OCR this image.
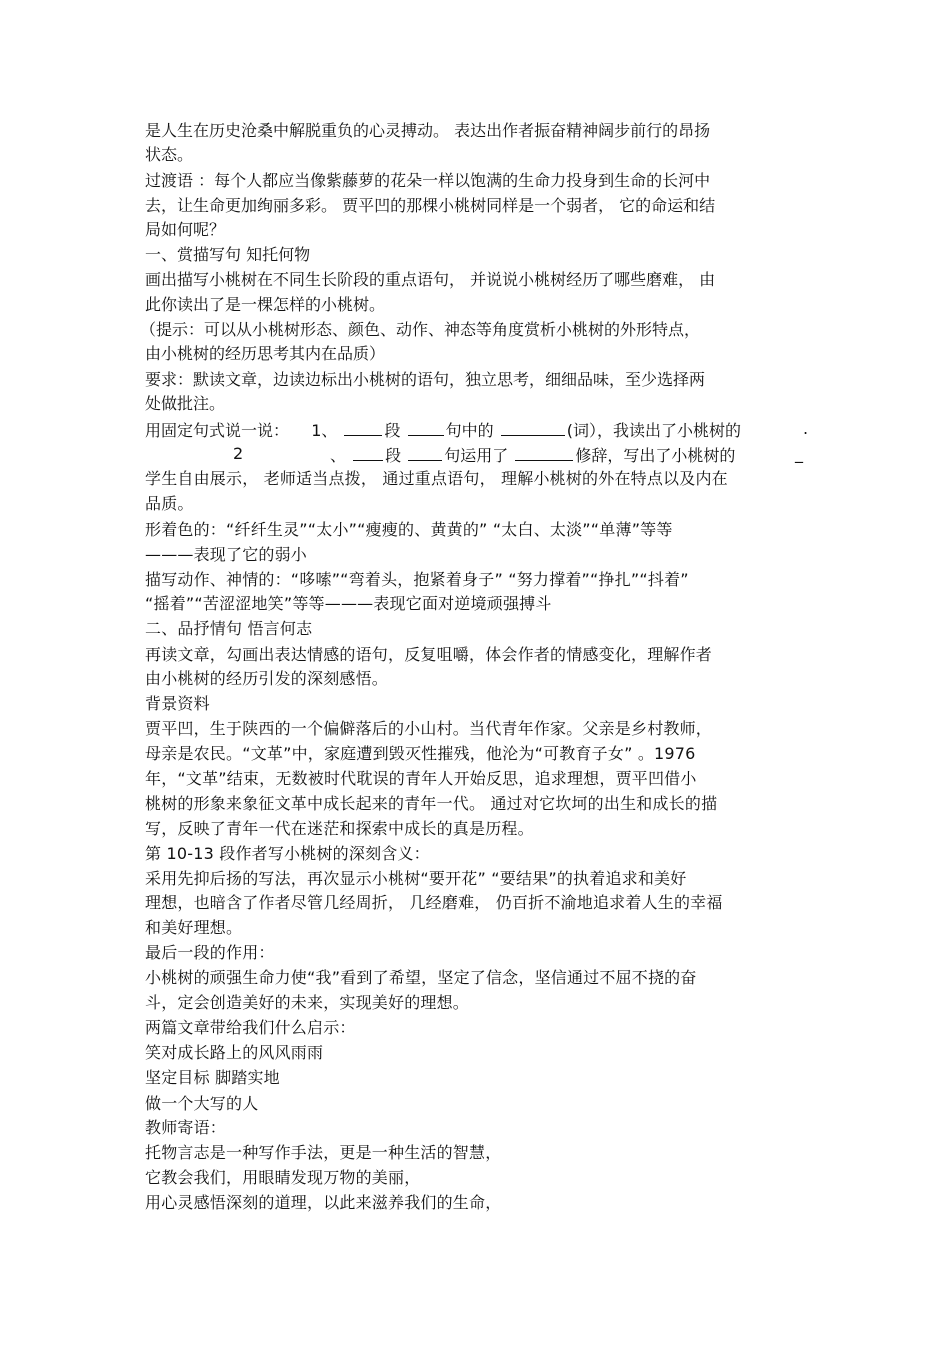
是人生在历史沧桑中解脱重负的心灵搏动。 表达出作者振奋精神阔步前行的昂扬
状态。
过渡语 ：每个人都应当像紫藤萝的花朵一样以饱满的生命力投身到生命的长河中
去，让生命更加绚丽多彩。 贾平凹的那棵小桃树同样是一个弱者， 它的命运和结
局如何呢？
一、赏描写句 知托何物
画出描写小桃树在不同生长阶段的重点语句， 并说说小桃树经历了哪些磨难， 由
此你读出了是一棵怎样的小桃树。
（提示：可以从小桃树形态、颜色、动作、神态等角度赏析小桃树的外形特点，
由小桃树的经历思考其内在品质）
要求：默读文章，边读边标出小桃树的语句，独立思考，细细品味，至少选择两
处做批注。
用固定句式说一说： 1、	段	句中的	(词），我读出了小桃树的	.
2	、 段	句运用了	修辞，写出了小桃树的	_
学生自由展示， 老师适当点拨， 通过重点语句， 理解小桃树的外在特点以及内在
品质。
形着色的：“纤纤生灵”“太小”“瘦瘦的、黄黄的” “太白、太淡”“单薄”等等
———表现了它的弱小
描写动作、神情的：“哆嗦”“弯着头，抱紧着身子” “努力撑着”“挣扎”“抖着”
“摇着”“苦涩涩地笑”等等———表现它面对逆境顽强搏斗
二、品抒情句 悟言何志
再读文章，勾画出表达情感的语句，反复咀嚼，体会作者的情感变化，理解作者
由小桃树的经历引发的深刻感悟。
背景资料
贾平凹，生于陕西的一个偏僻落后的小山村。当代青年作家。父亲是乡村教师，
母亲是农民。“文革”中，家庭遭到毁灭性摧残，他沦为“可教育子女” 。1976
年，“文革”结束，无数被时代耽误的青年人开始反思，追求理想，贾平凹借小
桃树的形象来象征文革中成长起来的青年一代。 通过对它坎坷的出生和成长的描
写，反映了青年一代在迷茫和探索中成长的真是历程。
第 10-13 段作者写小桃树的深刻含义：
采用先抑后扬的写法，再次显示小桃树“要开花” “要结果”的执着追求和美好
理想，也暗含了作者尽管几经周折， 几经磨难， 仍百折不渝地追求着人生的幸福
和美好理想。
最后一段的作用：
小桃树的顽强生命力使“我”看到了希望，坚定了信念，坚信通过不屈不挠的奋
斗，定会创造美好的未来，实现美好的理想。
两篇文章带给我们什么启示：
笑对成长路上的风风雨雨
坚定目标 脚踏实地
做一个大写的人
教师寄语：
托物言志是一种写作手法，更是一种生活的智慧，
它教会我们，用眼睛发现万物的美丽，
用心灵感悟深刻的道理，以此来滋养我们的生命，
